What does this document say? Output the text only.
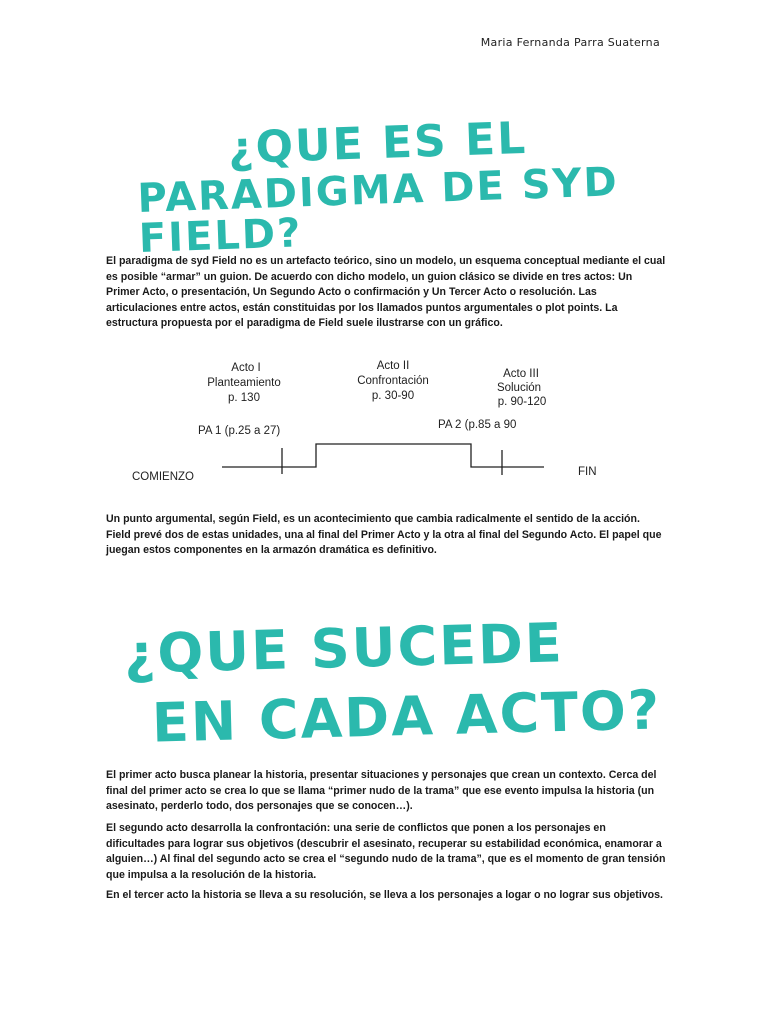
Maria Fernanda Parra Suaterna
¿QUE ES EL
PARADIGMA DE SYD FIELD?

El paradigma de syd Field no es un artefacto teórico, sino un modelo, un esquema conceptual mediante el cual es posible “armar” un guion. De acuerdo con dicho modelo, un guion clásico se divide en tres actos: Un Primer Acto, o presentación, Un Segundo Acto o confirmación y Un Tercer Acto o resolución. Las articulaciones entre actos, están constituidas por los llamados puntos argumentales o plot points. La estructura propuesta por el paradigma de Field suele ilustrarse con un gráfico.

Acto I
Planteamiento
p. 130
Acto II
Confrontación
p. 30-90
Acto III
Solución
p. 90-120
PA 1 (p.25 a 27)	PA 2 (p.85 a 90
COMIENZO	FIN

Un punto argumental, según Field, es un acontecimiento que cambia radicalmente el sentido de la acción. Field prevé dos de estas unidades, una al final del Primer Acto y la otra al final del Segundo Acto. El papel que juegan estos componentes en la armazón dramática es definitivo.

¿QUE SUCEDE
EN CADA ACTO?

El primer acto busca planear la historia, presentar situaciones y personajes que crean un contexto. Cerca del final del primer acto se crea lo que se llama “primer nudo de la trama” que ese evento impulsa la historia (un asesinato, perderlo todo, dos personajes que se conocen…).

El segundo acto desarrolla la confrontación: una serie de conflictos que ponen a los personajes en dificultades para lograr sus objetivos (descubrir el asesinato, recuperar su estabilidad económica, enamorar a alguien…) Al final del segundo acto se crea el “segundo nudo de la trama”, que es el momento de gran tensión que impulsa a la resolución de la historia.

En el tercer acto la historia se lleva a su resolución, se lleva a los personajes a logar o no lograr sus objetivos.
